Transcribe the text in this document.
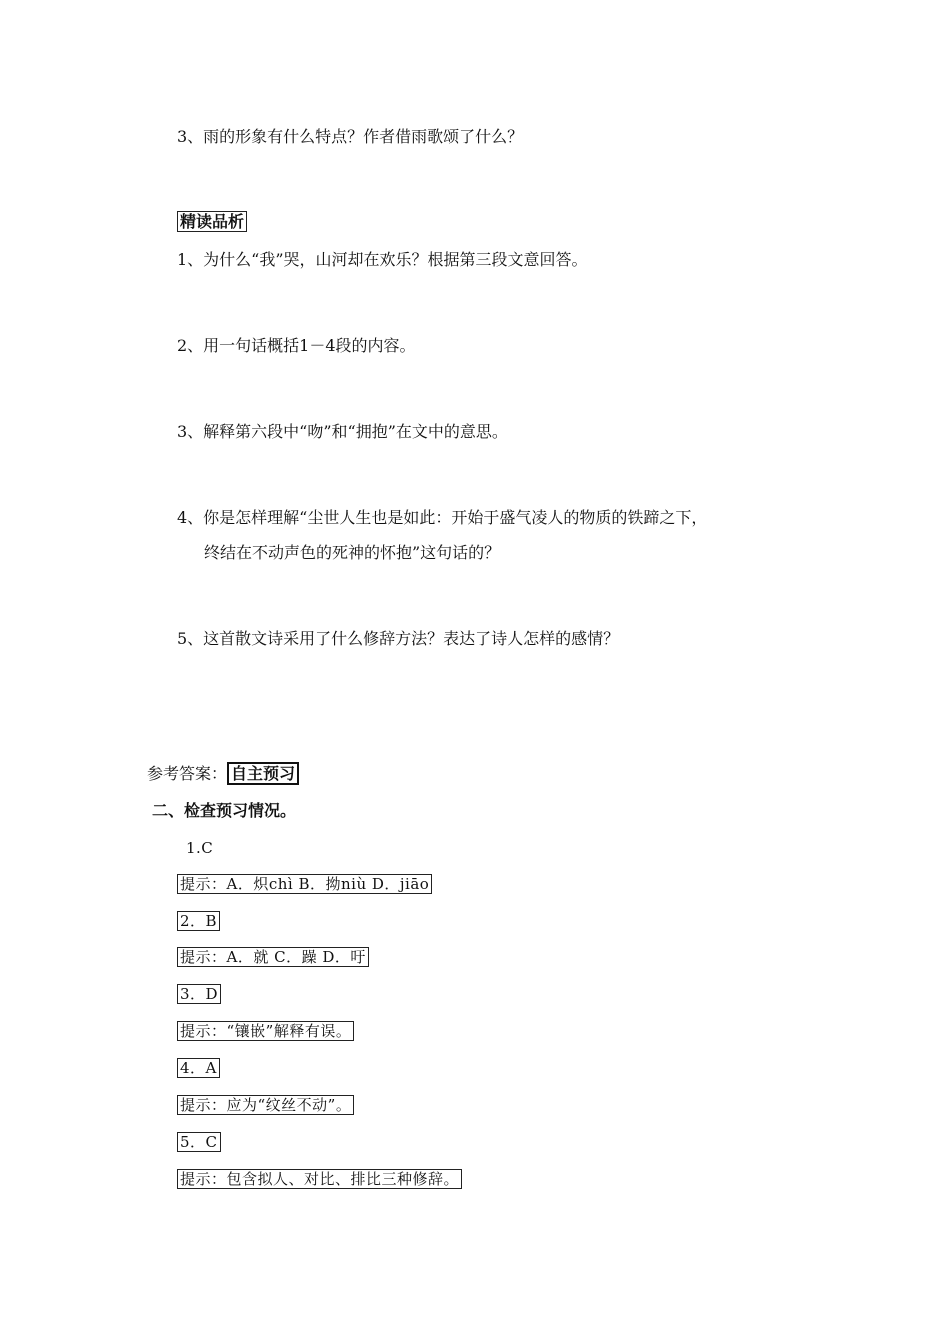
3、雨的形象有什么特点？作者借雨歌颂了什么？
精读品析
1、为什么“我”哭，山河却在欢乐？根据第三段文意回答。
2、用一句话概括1－4段的内容。
3、解释第六段中“吻”和“拥抱”在文中的意思。
4、你是怎样理解“尘世人生也是如此：开始于盛气凌人的物质的铁蹄之下，
终结在不动声色的死神的怀抱”这句话的？
5、这首散文诗采用了什么修辞方法？表达了诗人怎样的感情？
参考答案： 自主预习
二、检查预习情况。
1.C
提示：A．炽chì B．拗niù D．jiāo
2．B
提示：A．就 C．躁 D．吁
3．D
提示：“镶嵌”解释有误。
4．A
提示：应为“纹丝不动”。
5．C
提示：包含拟人、对比、排比三种修辞。
